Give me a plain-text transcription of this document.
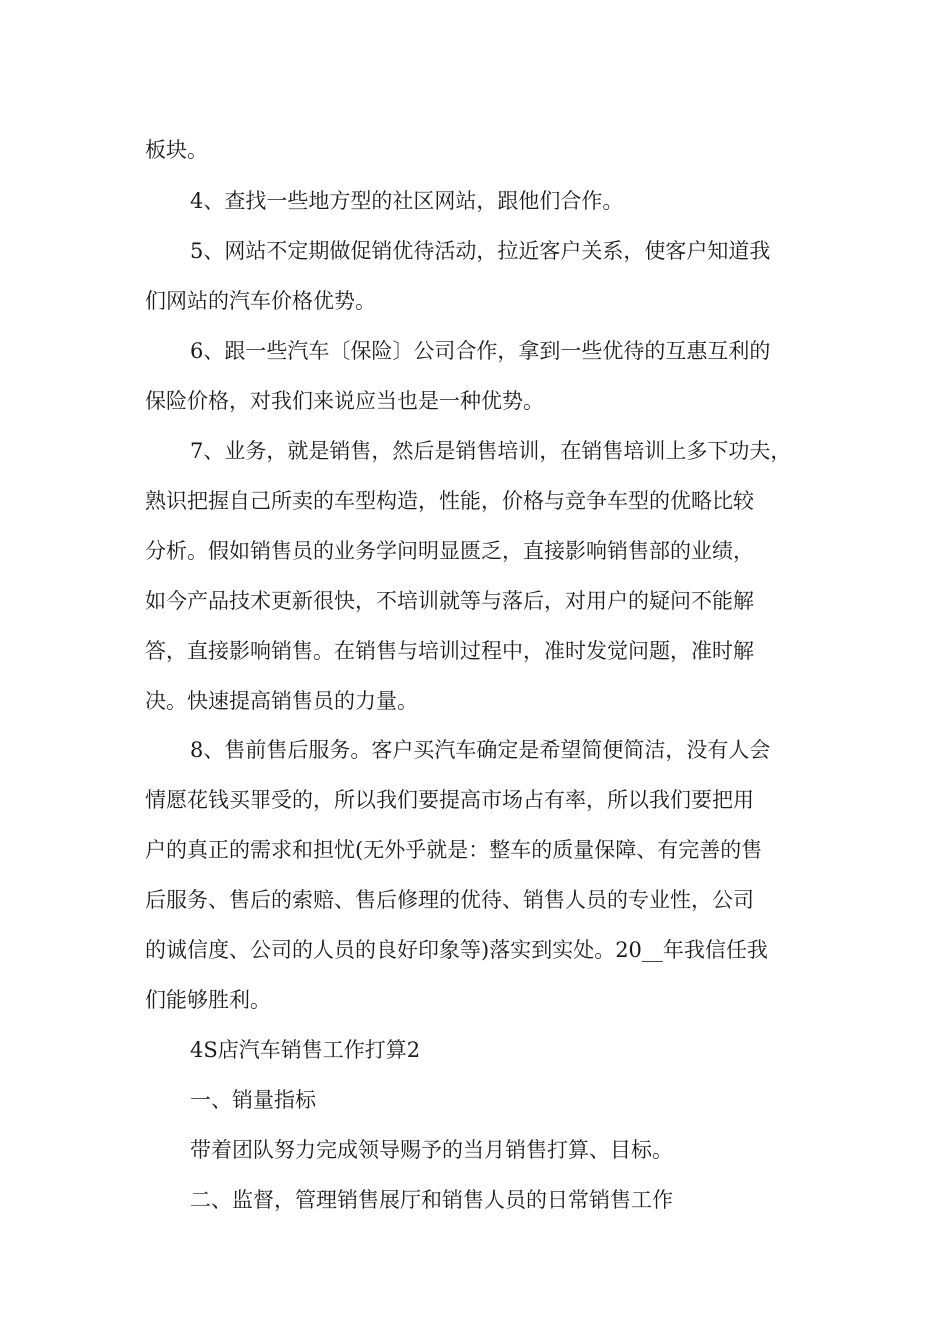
板块。
4、查找一些地方型的社区网站，跟他们合作。
5、网站不定期做促销优待活动，拉近客户关系，使客户知道我
们网站的汽车价格优势。
6、跟一些汽车〔保险〕公司合作，拿到一些优待的互惠互利的
保险价格，对我们来说应当也是一种优势。
7、业务，就是销售，然后是销售培训，在销售培训上多下功夫，
熟识把握自己所卖的车型构造，性能，价格与竞争车型的优略比较
分析。假如销售员的业务学问明显匮乏，直接影响销售部的业绩，
如今产品技术更新很快，不培训就等与落后，对用户的疑问不能解
答，直接影响销售。在销售与培训过程中，准时发觉问题，准时解
决。快速提高销售员的力量。
8、售前售后服务。客户买汽车确定是希望简便简洁，没有人会
情愿花钱买罪受的，所以我们要提高市场占有率，所以我们要把用
户的真正的需求和担忧(无外乎就是：整车的质量保障、有完善的售
后服务、售后的索赔、售后修理的优待、销售人员的专业性，公司
的诚信度、公司的人员的良好印象等)落实到实处。20__年我信任我
们能够胜利。
4S店汽车销售工作打算2
一、销量指标
带着团队努力完成领导赐予的当月销售打算、目标。
二、监督，管理销售展厅和销售人员的日常销售工作
